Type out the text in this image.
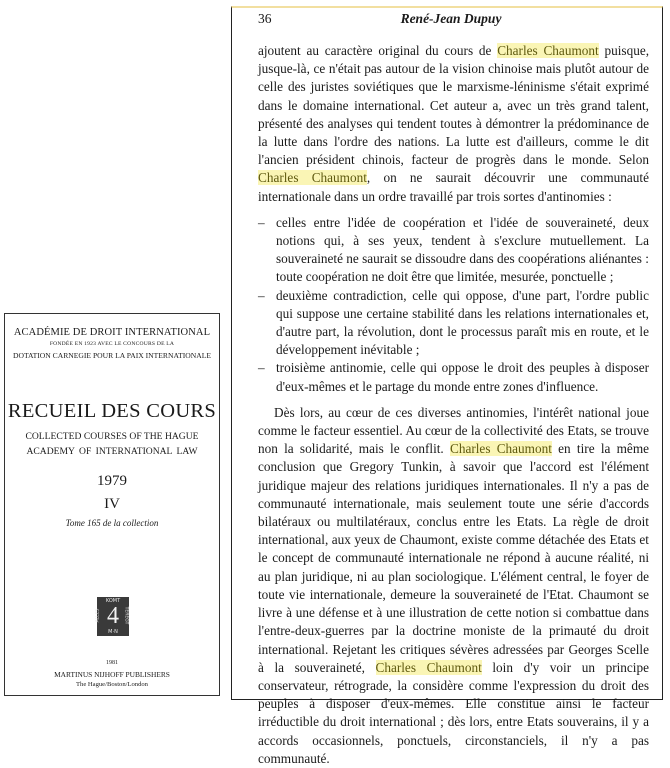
ACADÉMIE DE DROIT INTERNATIONAL
FONDÉE EN 1923 AVEC LE CONCOURS DE LA
DOTATION CARNEGIE POUR LA PAIX INTERNATIONALE
RECUEIL DES COURS
COLLECTED COURSES OF THE HAGUE
ACADEMY OF INTERNATIONAL LAW
1979
IV
Tome 165 de la collection
KOMT
ALLES 4	TEREGT
M·N
1981
MARTINUS NIJHOFF PUBLISHERS
The Hague/Boston/London
36	René-Jean Dupuy

ajoutent au caractère original du cours de Charles Chaumont puisque, jusque-là, ce n'était pas autour de la vision chinoise mais plutôt autour de celle des juristes soviétiques que le marxisme-léninisme s'était exprimé dans le domaine international. Cet auteur a, avec un très grand talent, présenté des analyses qui tendent toutes à démontrer la prédominance de la lutte dans l'ordre des nations. La lutte est d'ailleurs, comme le dit l'ancien président chinois, facteur de progrès dans le monde. Selon Charles Chaumont, on ne saurait découvrir une communauté internationale dans un ordre travaillé par trois sortes d'antinomies :

– celles entre l'idée de coopération et l'idée de souveraineté, deux notions qui, à ses yeux, tendent à s'exclure mutuellement. La souveraineté ne saurait se dissoudre dans des coopérations aliénantes : toute coopération ne doit être que limitée, mesurée, ponctuelle ;
– deuxième contradiction, celle qui oppose, d'une part, l'ordre public qui suppose une certaine stabilité dans les relations internationales et, d'autre part, la révolution, dont le processus paraît mis en route, et le développement inévitable ;
– troisième antinomie, celle qui oppose le droit des peuples à disposer d'eux-mêmes et le partage du monde entre zones d'influence.

Dès lors, au cœur de ces diverses antinomies, l'intérêt national joue comme le facteur essentiel. Au cœur de la collectivité des Etats, se trouve non la solidarité, mais le conflit. Charles Chaumont en tire la même conclusion que Gregory Tunkin, à savoir que l'accord est l'élément juridique majeur des relations juridiques internationales. Il n'y a pas de communauté internationale, mais seulement toute une série d'accords bilatéraux ou multilatéraux, conclus entre les Etats. La règle de droit international, aux yeux de Chaumont, existe comme détachée des Etats et le concept de communauté internationale ne répond à aucune réalité, ni au plan juridique, ni au plan sociologique. L'élément central, le foyer de toute vie internationale, demeure la souveraineté de l'Etat. Chaumont se livre à une défense et à une illustration de cette notion si combattue dans l'entre-deux-guerres par la doctrine moniste de la primauté du droit international. Rejetant les critiques sévères adressées par Georges Scelle à la souveraineté, Charles Chaumont loin d'y voir un principe conservateur, rétrograde, la considère comme l'expression du droit des peuples à disposer d'eux-mêmes. Elle constitue ainsi le facteur irréductible du droit international ; dès lors, entre Etats souverains, il y a accords occasionnels, ponctuels, circonstanciels, il n'y a pas communauté.
